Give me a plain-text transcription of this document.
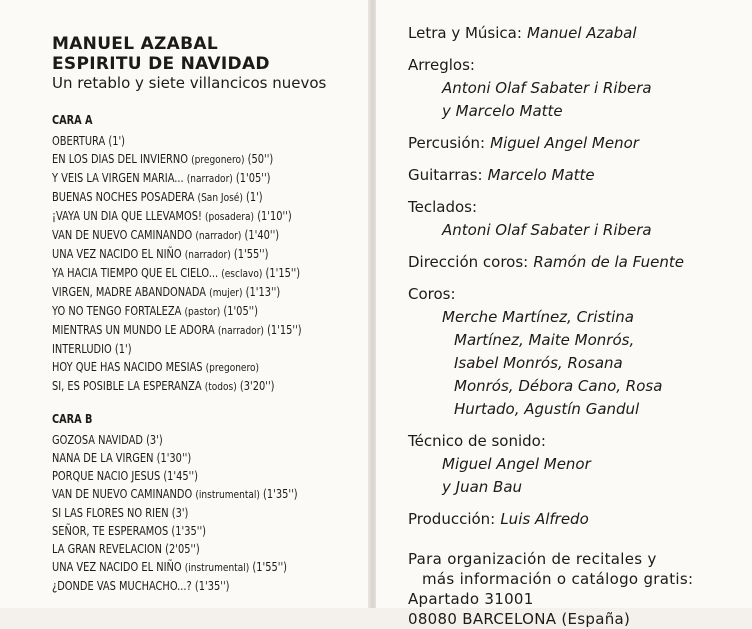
MANUEL AZABAL
ESPIRITU DE NAVIDAD

Un retablo y siete villancicos nuevos

CARA A
OBERTURA (1')
EN LOS DIAS DEL INVIERNO (pregonero) (50'')
Y VEIS LA VIRGEN MARIA... (narrador) (1'05'')
BUENAS NOCHES POSADERA (San José) (1')
¡VAYA UN DIA QUE LLEVAMOS! (posadera) (1'10'')
VAN DE NUEVO CAMINANDO (narrador) (1'40'')
UNA VEZ NACIDO EL NIÑO (narrador) (1'55'')
YA HACIA TIEMPO QUE EL CIELO... (esclavo) (1'15'')
VIRGEN, MADRE ABANDONADA (mujer) (1'13'')
YO NO TENGO FORTALEZA (pastor) (1'05'')
MIENTRAS UN MUNDO LE ADORA (narrador) (1'15'')
INTERLUDIO (1')
HOY QUE HAS NACIDO MESIAS (pregonero)
SI, ES POSIBLE LA ESPERANZA (todos) (3'20'')
CARA B
GOZOSA NAVIDAD (3')
NANA DE LA VIRGEN (1'30'')
PORQUE NACIO JESUS (1'45'')
VAN DE NUEVO CAMINANDO (instrumental) (1'35'')
SI LAS FLORES NO RIEN (3')
SEÑOR, TE ESPERAMOS (1'35'')
LA GRAN REVELACION (2'05'')
UNA VEZ NACIDO EL NIÑO (instrumental) (1'55'')
¿DONDE VAS MUCHACHO...? (1'35'')
Letra y Música: Manuel Azabal
Arreglos:
Antoni Olaf Sabater i Ribera
y Marcelo Matte
Percusión: Miguel Angel Menor
Guitarras: Marcelo Matte
Teclados:
Antoni Olaf Sabater i Ribera
Dirección coros: Ramón de la Fuente
Coros:
Merche Martínez, Cristina
Martínez, Maite Monrós,
Isabel Monrós, Rosana
Monrós, Débora Cano, Rosa
Hurtado, Agustín Gandul
Técnico de sonido:
Miguel Angel Menor
y Juan Bau
Producción: Luis Alfredo
Para organización de recitales y
más información o catálogo gratis:
Apartado 31001
08080 BARCELONA (España)
